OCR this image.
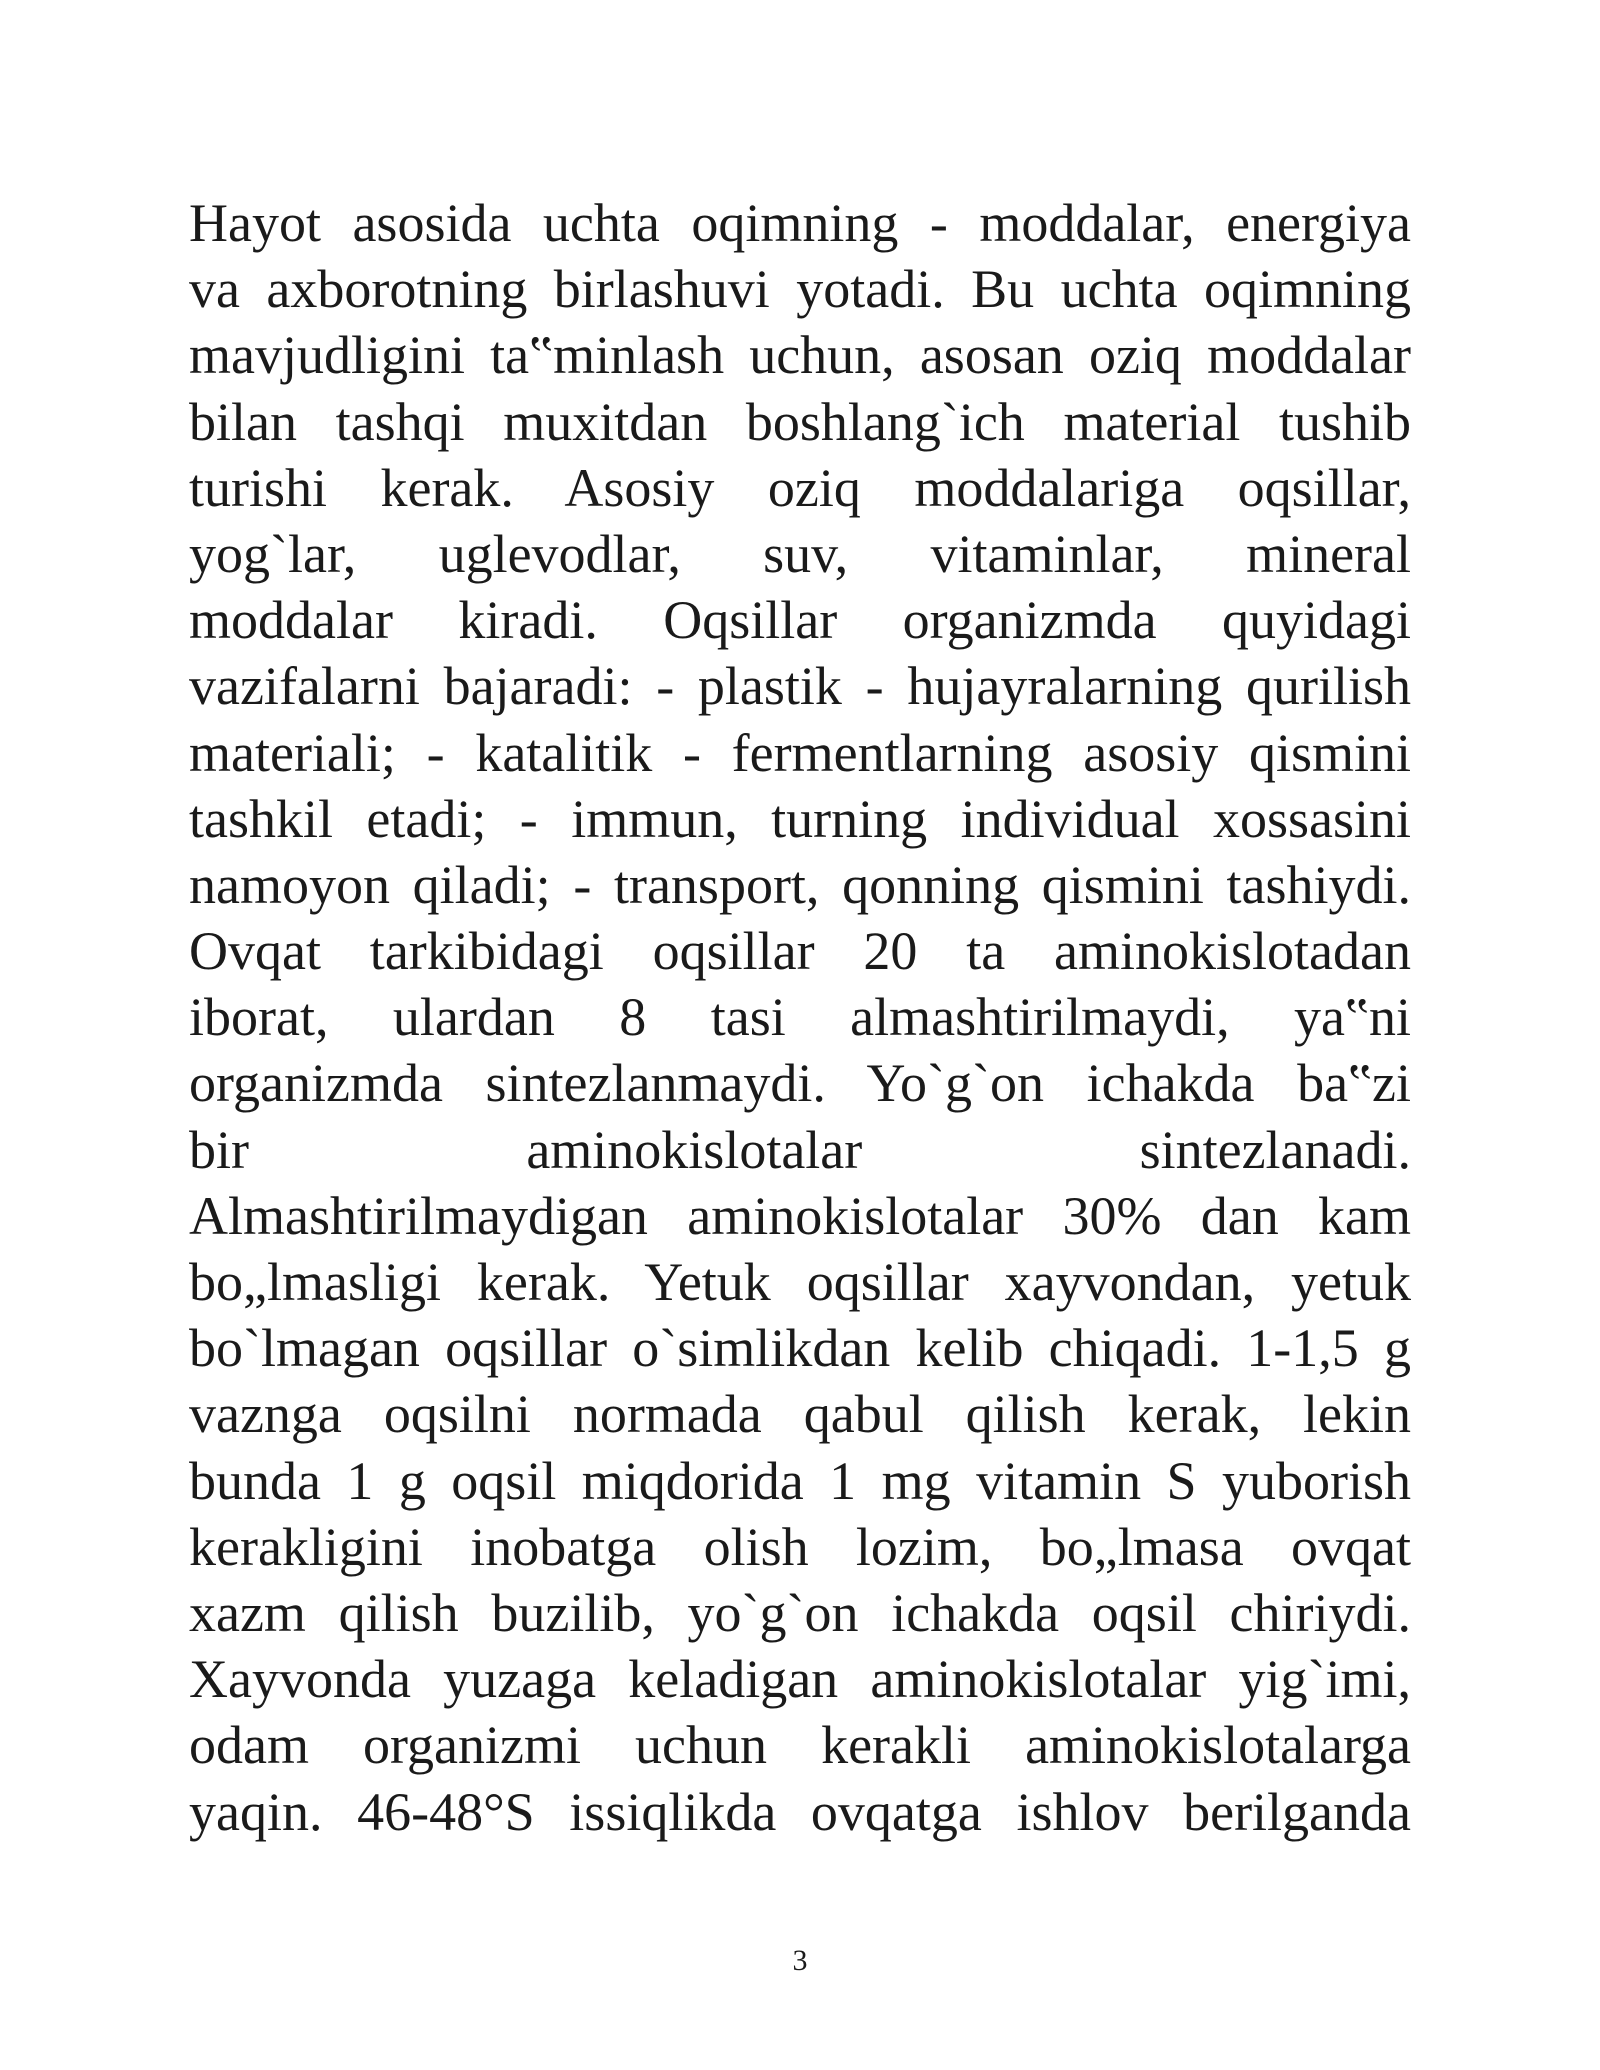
Hayot asosida uchta oqimning - moddalar, energiya
va axborotning birlashuvi yotadi. Bu uchta oqimning
mavjudligini ta‟minlash uchun, asosan oziq moddalar
bilan tashqi muxitdan boshlang`ich material tushib
turishi kerak. Asosiy oziq moddalariga oqsillar,
yog`lar, uglevodlar, suv, vitaminlar, mineral
moddalar kiradi. Oqsillar organizmda quyidagi
vazifalarni bajaradi: - plastik - hujayralarning qurilish
materiali; - katalitik - fermentlarning asosiy qismini
tashkil etadi; - immun, turning individual xossasini
namoyon qiladi; - transport, qonning qismini tashiydi.
Ovqat tarkibidagi oqsillar 20 ta aminokislotadan
iborat, ulardan 8 tasi almashtirilmaydi, ya‟ni
organizmda sintezlanmaydi. Yo`g`on ichakda ba‟zi
bir aminokislotalar sintezlanadi.
Almashtirilmaydigan aminokislotalar 30% dan kam
bo„lmasligi kerak. Yetuk oqsillar xayvondan, yetuk
bo`lmagan oqsillar o`simlikdan kelib chiqadi. 1-1,5 g
vaznga oqsilni normada qabul qilish kerak, lekin
bunda 1 g oqsil miqdorida 1 mg vitamin S yuborish
kerakligini inobatga olish lozim, bo„lmasa ovqat
xazm qilish buzilib, yo`g`on ichakda oqsil chiriydi.
Xayvonda yuzaga keladigan aminokislotalar yig`imi,
odam organizmi uchun kerakli aminokislotalarga
yaqin. 46-48°S issiqlikda ovqatga ishlov berilganda
3
